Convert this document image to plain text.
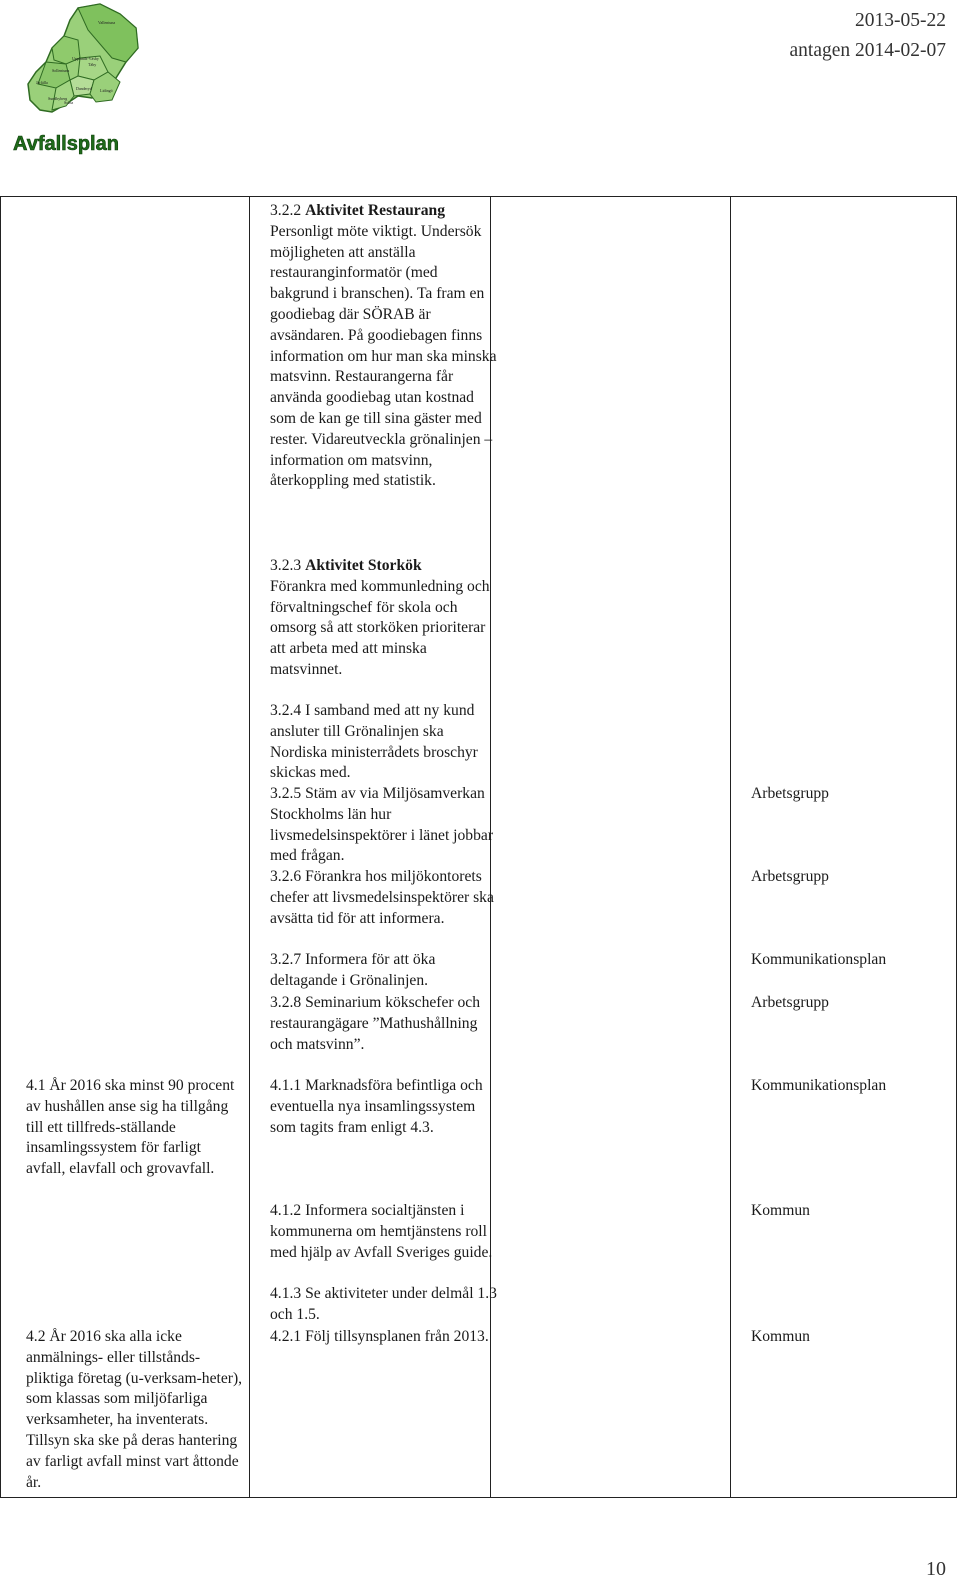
Upplands-Väsby
Vallentuna
Täby
Sollentuna
Järfälla
Danderyd
Sundbyberg
Lidingö
Solna
Avfallsplan
2013-05-22
antagen 2014-02-07
4.1 År 2016 ska minst 90 procent av hushållen anse sig ha tillgång till ett tillfreds-ställande insamlingssystem för farligt avfall, elavfall och grovavfall.
4.2 År 2016 ska alla icke anmälnings- eller tillstånds-pliktiga företag (u-verksam-heter), som klassas som miljöfarliga verksamheter, ha inventerats. Tillsyn ska ske på deras hantering av farligt avfall minst vart åttonde år.
3.2.2 Aktivitet Restaurang
Personligt möte viktigt. Undersök möjligheten att anställa restauranginformatör (med bakgrund i branschen). Ta fram en goodiebag där SÖRAB är avsändaren. På goodiebagen finns information om hur man ska minska matsvinn. Restaurangerna får använda goodiebag utan kostnad som de kan ge till sina gäster med rester. Vidareutveckla grönalinjen – information om matsvinn, återkoppling med statistik.
3.2.3 Aktivitet Storkök
Förankra med kommunledning och förvaltningschef för skola och omsorg så att storköken prioriterar att arbeta med att minska matsvinnet.
3.2.4 I samband med att ny kund ansluter till Grönalinjen ska Nordiska ministerrådets broschyr skickas med.
3.2.5 Stäm av via Miljösamverkan Stockholms län hur livsmedelsinspektörer i länet jobbar med frågan.
3.2.6 Förankra hos miljökontorets chefer att livsmedelsinspektörer ska avsätta tid för att informera.
3.2.7 Informera för att öka deltagande i Grönalinjen.
3.2.8 Seminarium kökschefer och restaurangägare ”Mathushållning och matsvinn”.
4.1.1 Marknadsföra befintliga och eventuella nya insamlingssystem som tagits fram enligt 4.3.
4.1.2 Informera socialtjänsten i kommunerna om hemtjänstens roll med hjälp av Avfall Sveriges guide.
4.1.3 Se aktiviteter under delmål 1.3 och 1.5.
4.2.1 Följ tillsynsplanen från 2013.
Arbetsgrupp
Arbetsgrupp
Kommunikationsplan
Arbetsgrupp
Kommunikationsplan
Kommun
Kommun
10
